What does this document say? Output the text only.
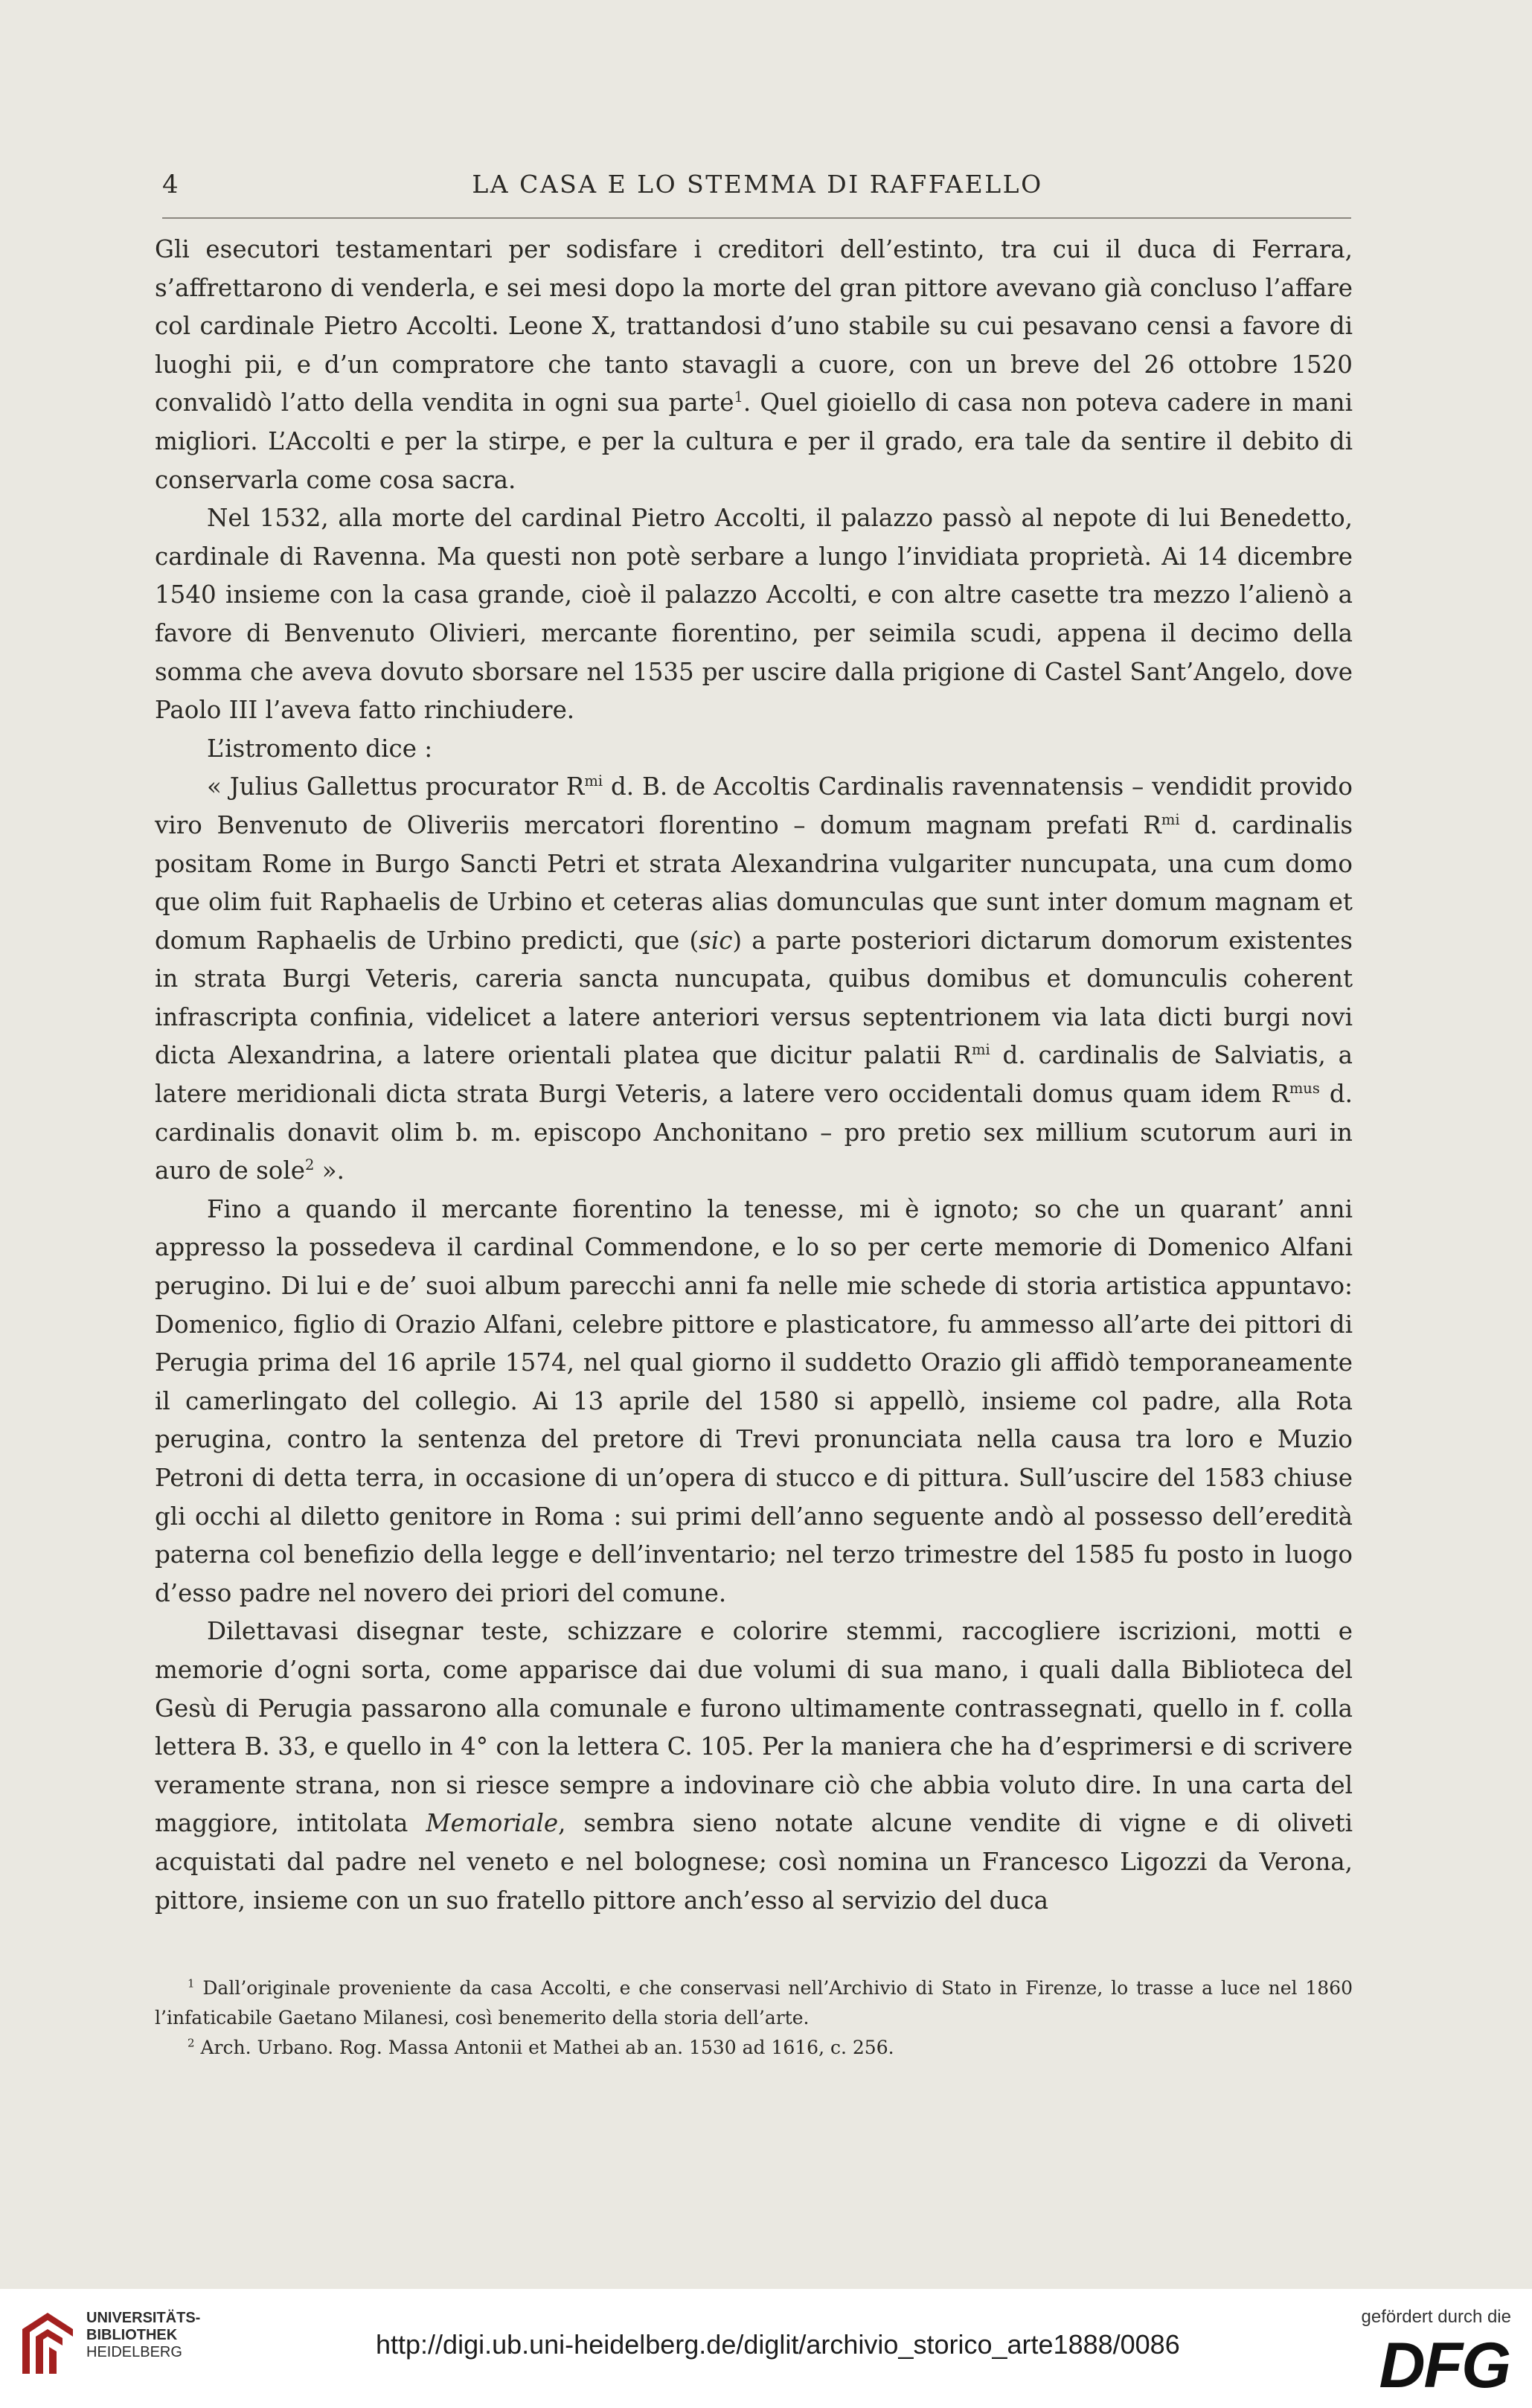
4	LA CASA E LO STEMMA DI RAFFAELLO

Gli esecutori testamentari per sodisfare i creditori dell’estinto, tra cui il duca di Ferrara, s’affrettarono di venderla, e sei mesi dopo la morte del gran pittore avevano già concluso l’affare col cardinale Pietro Accolti. Leone X, trattandosi d’uno stabile su cui pesavano censi a favore di luoghi pii, e d’un compratore che tanto stavagli a cuore, con un breve del 26 ottobre 1520 convalidò l’atto della vendita in ogni sua parte$^1$. Quel gioiello di casa non poteva cadere in mani migliori. L’Accolti e per la stirpe, e per la cultura e per il grado, era tale da sentire il debito di conservarla come cosa sacra.

Nel 1532, alla morte del cardinal Pietro Accolti, il palazzo passò al nepote di lui Benedetto, cardinale di Ravenna. Ma questi non potè serbare a lungo l’invidiata proprietà. Ai 14 dicembre 1540 insieme con la casa grande, cioè il palazzo Accolti, e con altre casette tra mezzo l’alienò a favore di Benvenuto Olivieri, mercante fiorentino, per seimila scudi, appena il decimo della somma che aveva dovuto sborsare nel 1535 per uscire dalla prigione di Castel Sant’Angelo, dove Paolo III l’aveva fatto rinchiudere.

L’istromento dice :

« Julius Gallettus procurator $R^{mi}$ d. B. de Accoltis Cardinalis ravennatensis – vendidit provido viro Benvenuto de Oliveriis mercatori florentino – domum magnam prefati $R^{mi}$ d. cardinalis positam Rome in Burgo Sancti Petri et strata Alexandrina vulgariter nuncupata, una cum domo que olim fuit Raphaelis de Urbino et ceteras alias domunculas que sunt inter domum magnam et domum Raphaelis de Urbino predicti, que (sic) a parte posteriori dictarum domorum existentes in strata Burgi Veteris, careria sancta nuncupata, quibus domibus et domunculis coherent infrascripta confinia, videlicet a latere anteriori versus septentrionem via lata dicti burgi novi dicta Alexandrina, a latere orientali platea que dicitur palatii $R^{mi}$ d. cardinalis de Salviatis, a latere meridionali dicta strata Burgi Veteris, a latere vero occidentali domus quam idem $R^{mus}$ d. cardinalis donavit olim b. m. episcopo Anchonitano – pro pretio sex millium scutorum auri in auro de sole$^2$ ».

Fino a quando il mercante fiorentino la tenesse, mi è ignoto; so che un quarant’ anni appresso la possedeva il cardinal Commendone, e lo so per certe memorie di Domenico Alfani perugino. Di lui e de’ suoi album parecchi anni fa nelle mie schede di storia artistica appuntavo: Domenico, figlio di Orazio Alfani, celebre pittore e plasticatore, fu ammesso all’arte dei pittori di Perugia prima del 16 aprile 1574, nel qual giorno il suddetto Orazio gli affidò temporaneamente il camerlingato del collegio. Ai 13 aprile del 1580 si appellò, insieme col padre, alla Rota perugina, contro la sentenza del pretore di Trevi pronunciata nella causa tra loro e Muzio Petroni di detta terra, in occasione di un’opera di stucco e di pittura. Sull’uscire del 1583 chiuse gli occhi al diletto genitore in Roma : sui primi dell’anno seguente andò al possesso dell’eredità paterna col benefizio della legge e dell’inventario; nel terzo trimestre del 1585 fu posto in luogo d’esso padre nel novero dei priori del comune.

Dilettavasi disegnar teste, schizzare e colorire stemmi, raccogliere iscrizioni, motti e memorie d’ogni sorta, come apparisce dai due volumi di sua mano, i quali dalla Biblioteca del Gesù di Perugia passarono alla comunale e furono ultimamente contrassegnati, quello in f. colla lettera B. 33, e quello in 4° con la lettera C. 105. Per la maniera che ha d’esprimersi e di scrivere veramente strana, non si riesce sempre a indovinare ciò che abbia voluto dire. In una carta del maggiore, intitolata Memoriale, sembra sieno notate alcune vendite di vigne e di oliveti acquistati dal padre nel veneto e nel bolognese; così nomina un Francesco Ligozzi da Verona, pittore, insieme con un suo fratello pittore anch’esso al servizio del duca

$^1$ Dall’originale proveniente da casa Accolti, e che conservasi nell’Archivio di Stato in Firenze, lo trasse a luce nel 1860 l’infaticabile Gaetano Milanesi, così benemerito della storia dell’arte.

$^2$ Arch. Urbano. Rog. Massa Antonii et Mathei ab an. 1530 ad 1616, c. 256.

UNIVERSITÄTS-
BIBLIOTHEK
HEIDELBERG	http://digi.ub.uni-heidelberg.de/diglit/archivio_storico_arte1888/0086
gefördert durch die
DFG
